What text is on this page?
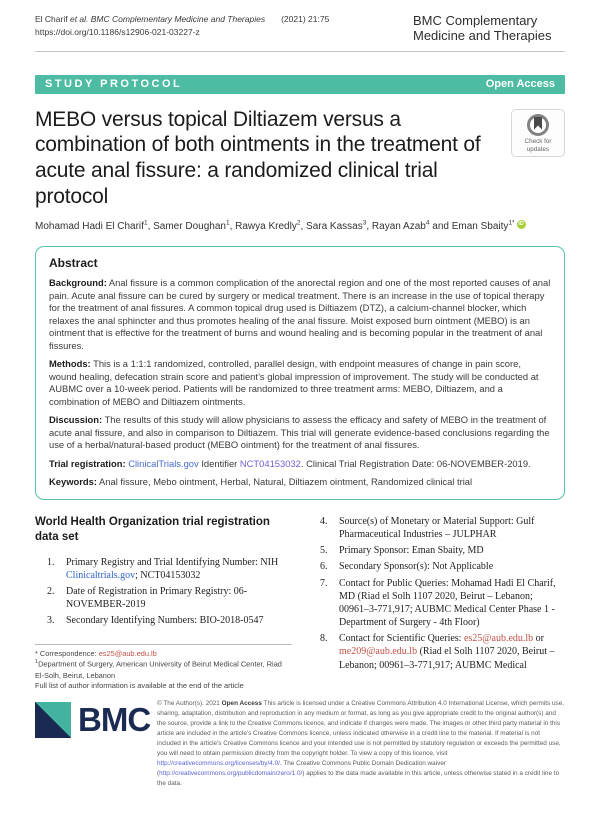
El Charif et al. BMC Complementary Medicine and Therapies (2021) 21:75
https://doi.org/10.1186/s12906-021-03227-z
BMC Complementary
Medicine and Therapies
STUDY PROTOCOL	Open Access
MEBO versus topical Diltiazem versus a combination of both ointments in the treatment of acute anal fissure: a randomized clinical trial protocol
Check for
updates
Mohamad Hadi El Charif$^1$, Samer Doughan$^1$, Rawya Kredly$^2$, Sara Kassas$^3$, Rayan Azab$^4$ and Eman Sbaity$^{1*}$ iD
Abstract

Background: Anal fissure is a common complication of the anorectal region and one of the most reported causes of anal pain. Acute anal fissure can be cured by surgery or medical treatment. There is an increase in the use of topical therapy for the treatment of anal fissures. A common topical drug used is Diltiazem (DTZ), a calcium-channel blocker, which relaxes the anal sphincter and thus promotes healing of the anal fissure. Moist exposed burn ointment (MEBO) is an ointment that is effective for the treatment of burns and wound healing and is becoming popular in the treatment of anal fissures.

Methods: This is a 1:1:1 randomized, controlled, parallel design, with endpoint measures of change in pain score, wound healing, defecation strain score and patient’s global impression of improvement. The study will be conducted at AUBMC over a 10-week period. Patients will be randomized to three treatment arms: MEBO, Diltiazem, and a combination of MEBO and Diltiazem ointments.

Discussion: The results of this study will allow physicians to assess the efficacy and safety of MEBO in the treatment of acute anal fissure, and also in comparison to Diltiazem. This trial will generate evidence-based conclusions regarding the use of a herbal/natural-based product (MEBO ointment) for the treatment of anal fissures.

Trial registration: ClinicalTrials.gov Identifier NCT04153032. Clinical Trial Registration Date: 06-NOVEMBER-2019.

Keywords: Anal fissure, Mebo ointment, Herbal, Natural, Diltiazem ointment, Randomized clinical trial

World Health Organization trial registration data set
1.	Primary Registry and Trial Identifying Number: NIH Clinicaltrials.gov; NCT04153032
2.	Date of Registration in Primary Registry: 06-NOVEMBER-2019
3.	Secondary Identifying Numbers: BIO-2018-0547
* Correspondence: es25@aub.edu.lb
$^1$Department of Surgery, American University of Beirut Medical Center, Riad El-Solh, Beirut, Lebanon
Full list of author information is available at the end of the article
4.	Source(s) of Monetary or Material Support: Gulf Pharmaceutical Industries – JULPHAR
5.	Primary Sponsor: Eman Sbaity, MD
6.	Secondary Sponsor(s): Not Applicable
7.	Contact for Public Queries: Mohamad Hadi El Charif, MD (Riad el Solh 1107 2020, Beirut – Lebanon; 00961–3-771,917; AUBMC Medical Center Phase 1 - Department of Surgery - 4th Floor)
8.	Contact for Scientific Queries: es25@aub.edu.lb or me209@aub.edu.lb (Riad el Solh 1107 2020, Beirut – Lebanon; 00961–3-771,917; AUBMC Medical
BMC © The Author(s). 2021 Open Access This article is licensed under a Creative Commons Attribution 4.0 International License, which permits use, sharing, adaptation, distribution and reproduction in any medium or format, as long as you give appropriate credit to the original author(s) and the source, provide a link to the Creative Commons licence, and indicate if changes were made. The images or other third party material in this article are included in the article's Creative Commons licence, unless indicated otherwise in a credit line to the material. If material is not included in the article's Creative Commons licence and your intended use is not permitted by statutory regulation or exceeds the permitted use, you will need to obtain permission directly from the copyright holder. To view a copy of this licence, visit http://creativecommons.org/licenses/by/4.0/. The Creative Commons Public Domain Dedication waiver (http://creativecommons.org/publicdomain/zero/1.0/) applies to the data made available in this article, unless otherwise stated in a credit line to the data.
